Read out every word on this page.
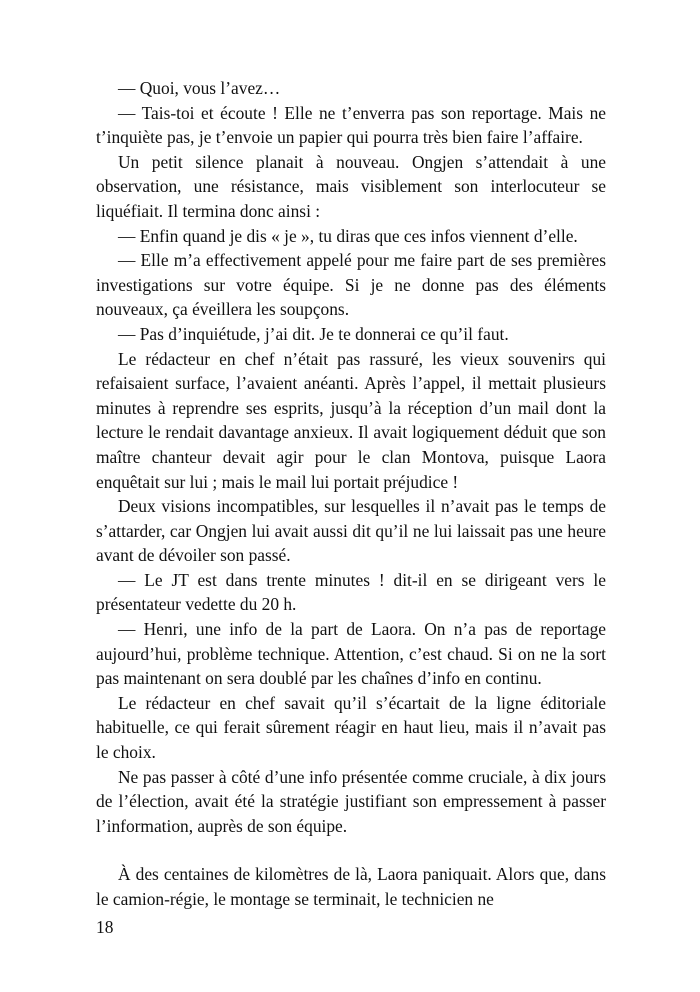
— Quoi, vous l’avez…

— Tais-toi et écoute ! Elle ne t’enverra pas son reportage. Mais ne t’inquiète pas, je t’envoie un papier qui pourra très bien faire l’affaire.

Un petit silence planait à nouveau. Ongjen s’attendait à une observation, une résistance, mais visiblement son interlocuteur se liquéfiait. Il termina donc ainsi :

— Enfin quand je dis « je », tu diras que ces infos viennent d’elle.

— Elle m’a effectivement appelé pour me faire part de ses premières investigations sur votre équipe. Si je ne donne pas des éléments nouveaux, ça éveillera les soupçons.

— Pas d’inquiétude, j’ai dit. Je te donnerai ce qu’il faut.

Le rédacteur en chef n’était pas rassuré, les vieux souvenirs qui refaisaient surface, l’avaient anéanti. Après l’appel, il mettait plusieurs minutes à reprendre ses esprits, jusqu’à la réception d’un mail dont la lecture le rendait davantage anxieux. Il avait logiquement déduit que son maître chanteur devait agir pour le clan Montova, puisque Laora enquêtait sur lui ; mais le mail lui portait préjudice !

Deux visions incompatibles, sur lesquelles il n’avait pas le temps de s’attarder, car Ongjen lui avait aussi dit qu’il ne lui laissait pas une heure avant de dévoiler son passé.

— Le JT est dans trente minutes ! dit-il en se dirigeant vers le présentateur vedette du 20 h.

— Henri, une info de la part de Laora. On n’a pas de reportage aujourd’hui, problème technique. Attention, c’est chaud. Si on ne la sort pas maintenant on sera doublé par les chaînes d’info en continu.

Le rédacteur en chef savait qu’il s’écartait de la ligne éditoriale habituelle, ce qui ferait sûrement réagir en haut lieu, mais il n’avait pas le choix.

Ne pas passer à côté d’une info présentée comme cruciale, à dix jours de l’élection, avait été la stratégie justifiant son empressement à passer l’information, auprès de son équipe.

À des centaines de kilomètres de là, Laora paniquait. Alors que, dans le camion-régie, le montage se terminait, le technicien ne

18
